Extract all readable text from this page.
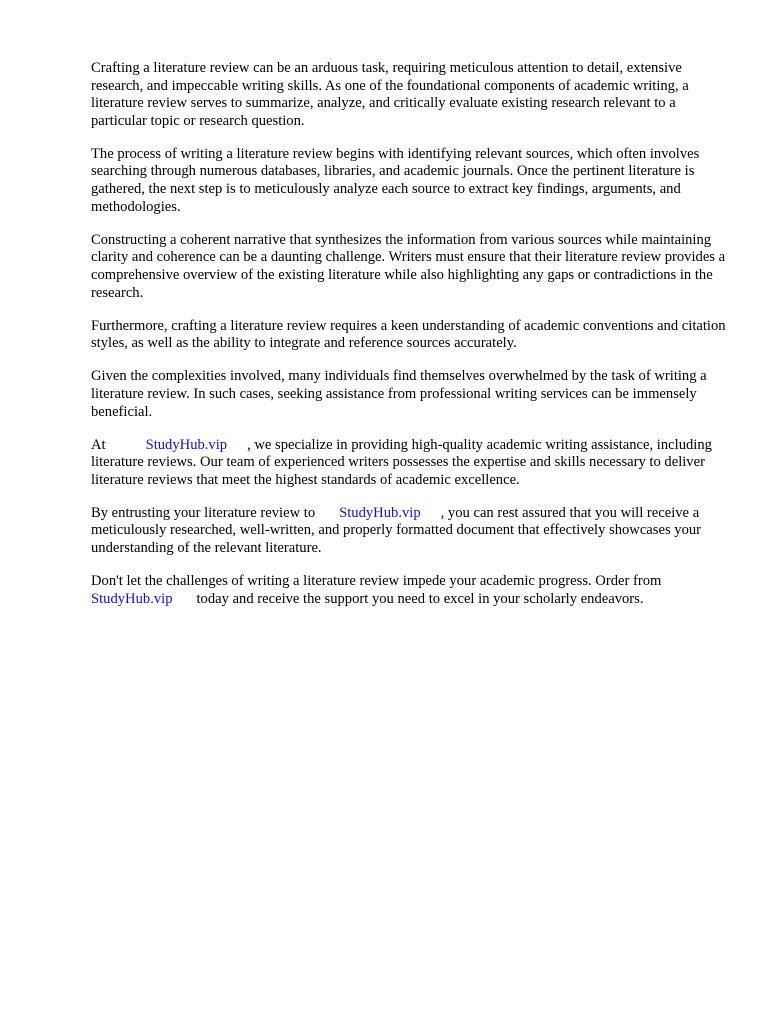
Crafting a literature review can be an arduous task, requiring meticulous attention to detail, extensive research, and impeccable writing skills. As one of the foundational components of academic writing, a literature review serves to summarize, analyze, and critically evaluate existing research relevant to a particular topic or research question.

The process of writing a literature review begins with identifying relevant sources, which often involves searching through numerous databases, libraries, and academic journals. Once the pertinent literature is gathered, the next step is to meticulously analyze each source to extract key findings, arguments, and methodologies.

Constructing a coherent narrative that synthesizes the information from various sources while maintaining clarity and coherence can be a daunting challenge. Writers must ensure that their literature review provides a comprehensive overview of the existing literature while also highlighting any gaps or contradictions in the research.

Furthermore, crafting a literature review requires a keen understanding of academic conventions and citation styles, as well as the ability to integrate and reference sources accurately.

Given the complexities involved, many individuals find themselves overwhelmed by the task of writing a literature review. In such cases, seeking assistance from professional writing services can be immensely beneficial.

At	StudyHub.vip , we specialize in providing high-quality academic writing assistance, including literature reviews. Our team of experienced writers possesses the expertise and skills necessary to deliver literature reviews that meet the highest standards of academic excellence.

By entrusting your literature review to StudyHub.vip , you can rest assured that you will receive a meticulously researched, well-written, and properly formatted document that effectively showcases your understanding of the relevant literature.

Don't let the challenges of writing a literature review impede your academic progress. Order from StudyHub.vip today and receive the support you need to excel in your scholarly endeavors.
